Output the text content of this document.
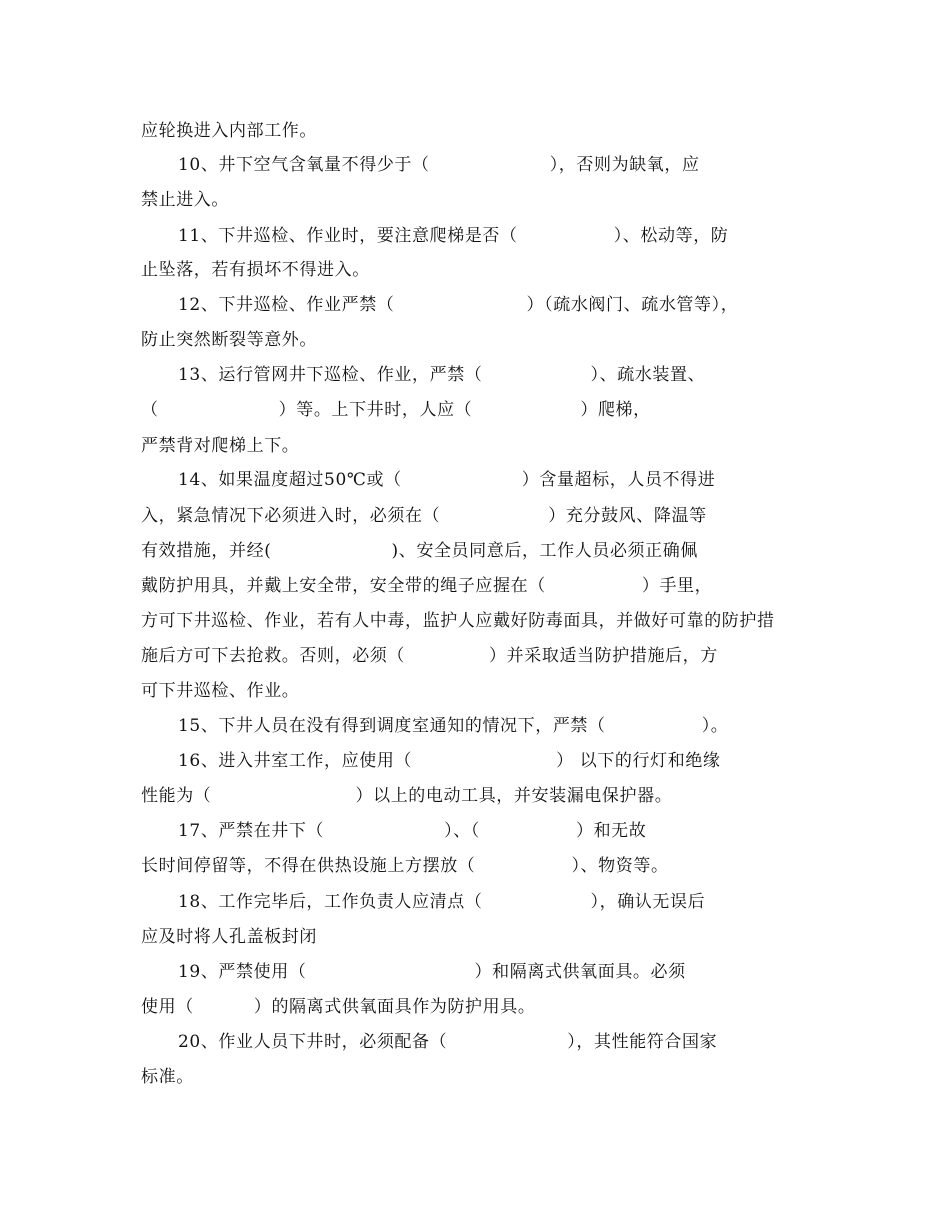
应轮换进入内部工作。
10、井下空气含氧量不得少于（                    ），否则为缺氧，应
禁止进入。
11、下井巡检、作业时，要注意爬梯是否（                ）、松动等，防
止坠落，若有损坏不得进入。
12、下井巡检、作业严禁（                      ）（疏水阀门、疏水管等），
防止突然断裂等意外。
13、运行管网井下巡检、作业，严禁（                  ）、疏水装置、
（                    ）等。上下井时，人应（                  ）爬梯，
严禁背对爬梯上下。
14、如果温度超过50℃或（                    ）含量超标，人员不得进
入，紧急情况下必须进入时，必须在（                  ）充分鼓风、降温等
有效措施，并经(                    )、安全员同意后，工作人员必须正确佩
戴防护用具，并戴上安全带，安全带的绳子应握在（                ）手里，
方可下井巡检、作业，若有人中毒，监护人应戴好防毒面具，并做好可靠的防护措
施后方可下去抢救。否则，必须（              ）并采取适当防护措施后，方
可下井巡检、作业。
15、下井人员在没有得到调度室通知的情况下，严禁（                ）。
16、进入井室工作，应使用（                        ） 以下的行灯和绝缘
性能为（                        ）以上的电动工具，并安装漏电保护器。
17、严禁在井下（                    ）、（                ）和无故
长时间停留等，不得在供热设施上方摆放（                ）、物资等。
18、工作完毕后，工作负责人应清点（                  ），确认无误后
应及时将人孔盖板封闭
19、严禁使用（                            ）和隔离式供氧面具。必须
使用（          ）的隔离式供氧面具作为防护用具。
20、作业人员下井时，必须配备（                    ），其性能符合国家
标准。
